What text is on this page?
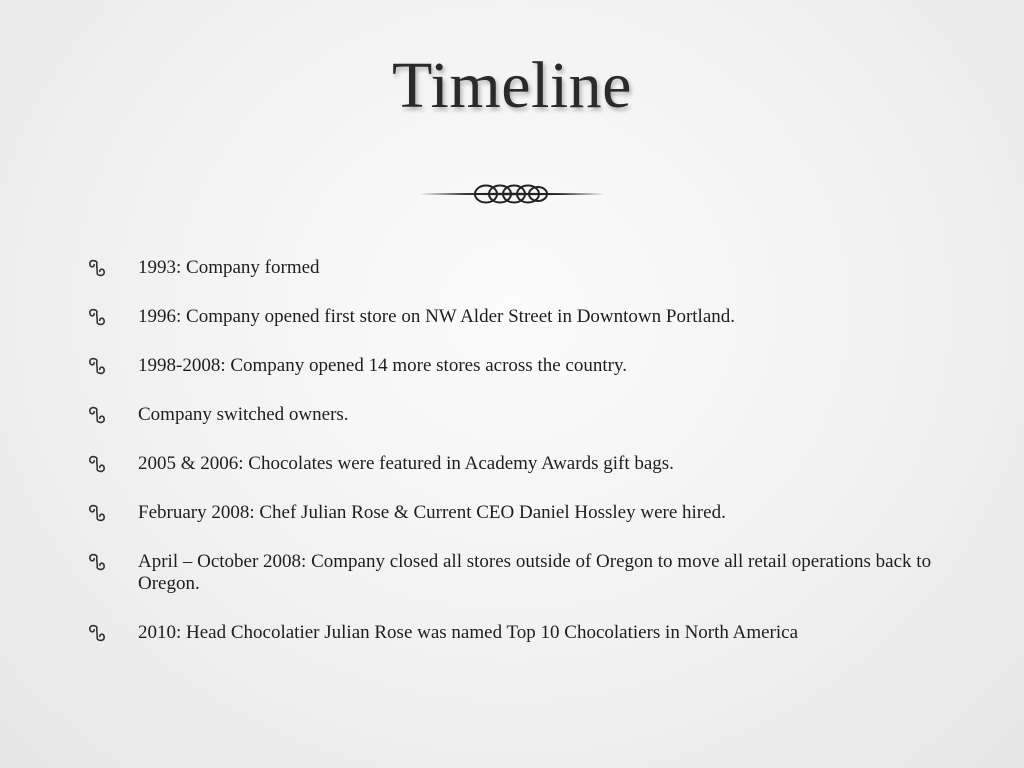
Timeline
1993: Company formed
1996: Company opened first store on NW Alder Street in Downtown Portland.
1998-2008: Company opened 14 more stores across the country.
Company switched owners.
2005 & 2006: Chocolates were featured in Academy Awards gift bags.
February 2008: Chef Julian Rose & Current CEO Daniel Hossley were hired.
April – October 2008: Company closed all stores outside of Oregon to move all retail operations back to Oregon.
2010: Head Chocolatier Julian Rose was named Top 10 Chocolatiers in North America
